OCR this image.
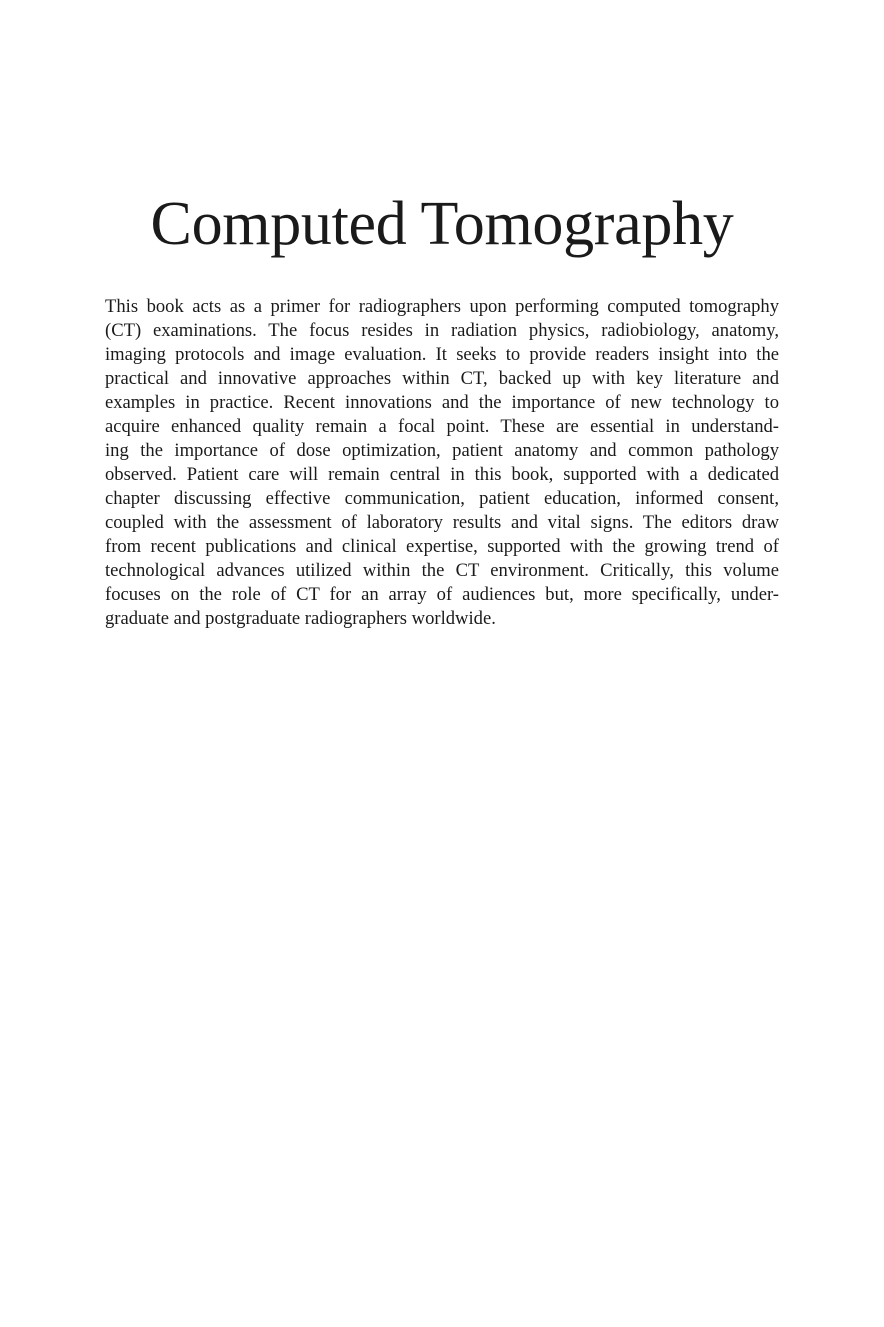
Computed Tomography

This book acts as a primer for radiographers upon performing computed tomography
(CT) examinations. The focus resides in radiation physics, radiobiology, anatomy,
imaging protocols and image evaluation. It seeks to provide readers insight into the
practical and innovative approaches within CT, backed up with key literature and
examples in practice. Recent innovations and the importance of new technology to
acquire enhanced quality remain a focal point. These are essential in understand-
ing the importance of dose optimization, patient anatomy and common pathology
observed. Patient care will remain central in this book, supported with a dedicated
chapter discussing effective communication, patient education, informed consent,
coupled with the assessment of laboratory results and vital signs. The editors draw
from recent publications and clinical expertise, supported with the growing trend of
technological advances utilized within the CT environment. Critically, this volume
focuses on the role of CT for an array of audiences but, more specifically, under-
graduate and postgraduate radiographers worldwide.
